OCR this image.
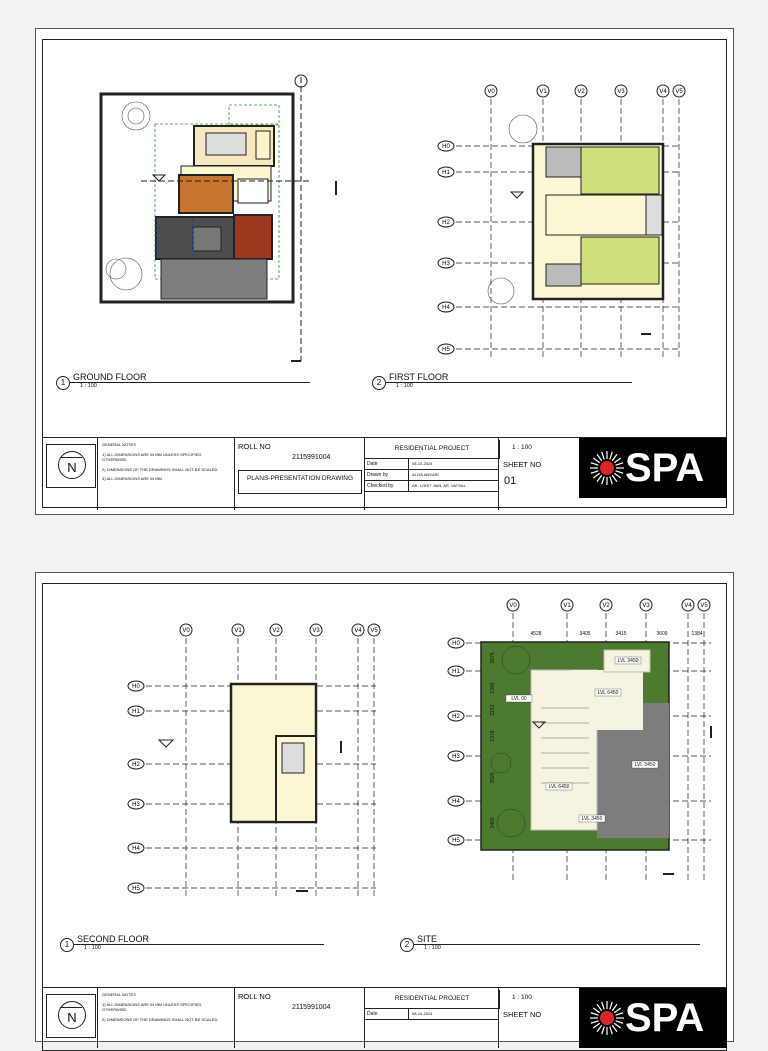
1
GROUND FLOOR
1 : 100
V0	V1	V2	V3	V4 V5
H0
H1
H2
H3
H4
H5
2
FIRST FLOOR
1 : 100
N
GENERAL NOTES
1) ALL DIMENSIONS ARE IN MM UNLESS SPECIFIED OTHERWISE.
2) DIMENSIONS OF THE DRAWINGS SHALL NOT BE SCALED.
3) ALL DIMENSIONS ARE IN MM
ROLL NO
2115991004
PLANS-PRESENTATION DRAWING
RESIDENTIAL PROJECT
Date	08-10-2024
Drawn by	ALIYA ANSARI
Checked by	AR. LOHIT JAIN, AR. VATSAL
1 : 100
SHEET NO
01	SPA
V0	V1	V2	V3	V4 V5
H0
H1
H2
H3
H4
H5
1
SECOND FLOOR
1 : 100
4528	3405	3415	3609	1384
2975
1345
2212
1378
3525
3460
LVL 3450
LVL 6450
LVL 00
LVL 3450
LVL 6450
LVL 3450
V0	V1	V2	V3	V4 V5
H0
H1
H2
H3
H4
H5
2
SITE
1 : 100
N
GENERAL NOTES
1) ALL DIMENSIONS ARE IN MM UNLESS SPECIFIED OTHERWISE.
2) DIMENSIONS OF THE DRAWINGS SHALL NOT BE SCALED.
ROLL NO
2115991004
RESIDENTIAL PROJECT
Date	08-10-2024
1 : 100
SHEET NO SPA
